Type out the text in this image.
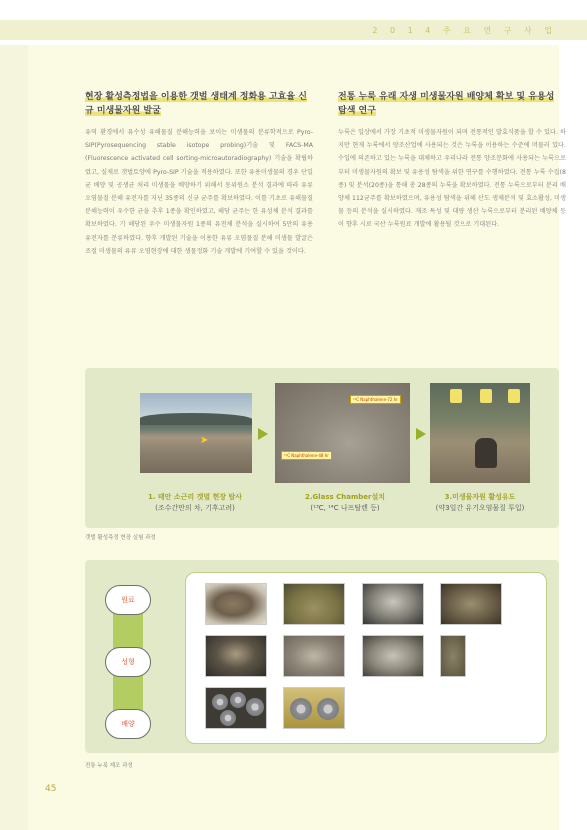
2 0 1 4 주 요 연 구 사 업
현장 활성측정법을 이용한 갯벌 생태계 정화용 고효율 신규 미생물자원 발굴

유역 환경에서 유수성 유해물질 분해능력을 보이는 미생물의 분류학적으로 Pyro-SIP(Pyrosequencing stable isotope probing)기술 및 FACS-MA (Fluorescence activated cell sorting-microautoradiography) 기술을 확립하였고, 실제로 갯벌토양에 Pyro-SIP 기술을 적용하였다. 또한 유용미생물의 경우 단일균 배양 및 공생균 처리 미생물을 배양하기 위해서 동위원소 분석 결과에 따라 유류 오염물질 분해 유전자를 지닌 35종의 신규 균주를 확보하였다. 이를 기초로 유해물질 분해능력이 우수한 균을 추후 1종을 확인하였고, 해당 균주는 한 유성체 분석 결과를 확보하였다. 기 해당된 우수 미생물자원 1종의 유전체 분석을 실시하여 5만의 유용 유전자를 분류하였다. 향후 개발된 기술을 이용한 유류 오염물질 분해 미생물 발굴은 조절 미생물의 유류 오염현장에 대한 생물정화 기술 개발에 기여할 수 있을 것이다.

전통 누룩 유래 자생 미생물자원 배양체 확보 및 유용성 탐색 연구

누룩은 일상에서 가장 기초적 미생물자원이 되며 전통적인 발효식품을 할 수 있다. 하지만 현재 누룩에서 양조산업에 사용되는 것은 누룩을 이용하는 수준에 머물러 있다. 수입에 의존하고 있는 누룩을 대체하고 우리나라 전통 양조문화에 사용되는 누룩으로부터 미생물자원의 확보 및 유용성 탐색을 위한 연구를 수행하였다. 전통 누룩 수집(8종) 및 분석(20종)을 통해 총 28종의 누룩을 확보하였다. 전통 누룩으로부터 분리 배양체 112균주를 확보하였으며, 유용성 탐색을 위해 산도 생체분석 및 효소활성, 미생물 등의 분석을 실시하였다. 재조 특성 및 대량 생산 누룩으로부터 분리된 배양체 등이 향후 시료 국산 누룩원료 개발에 활용될 것으로 기대된다.

➤
¹⁴C Naphthalene-72 hr
¹³C Naphthalene-48 hr
1. 태안 소근리 갯벌 현장 탐사
(조수간만의 차, 기후고려)
2.Glass Chamber설치
(¹³C, ¹⁴C 나프탈렌 등)
3.미생물자원 활성유도
(약3일간 유기오염물질 투입)
갯벌 활성측정 현장 실험 과정
원료
성형
배양
전통 누룩 제조 과정
45
